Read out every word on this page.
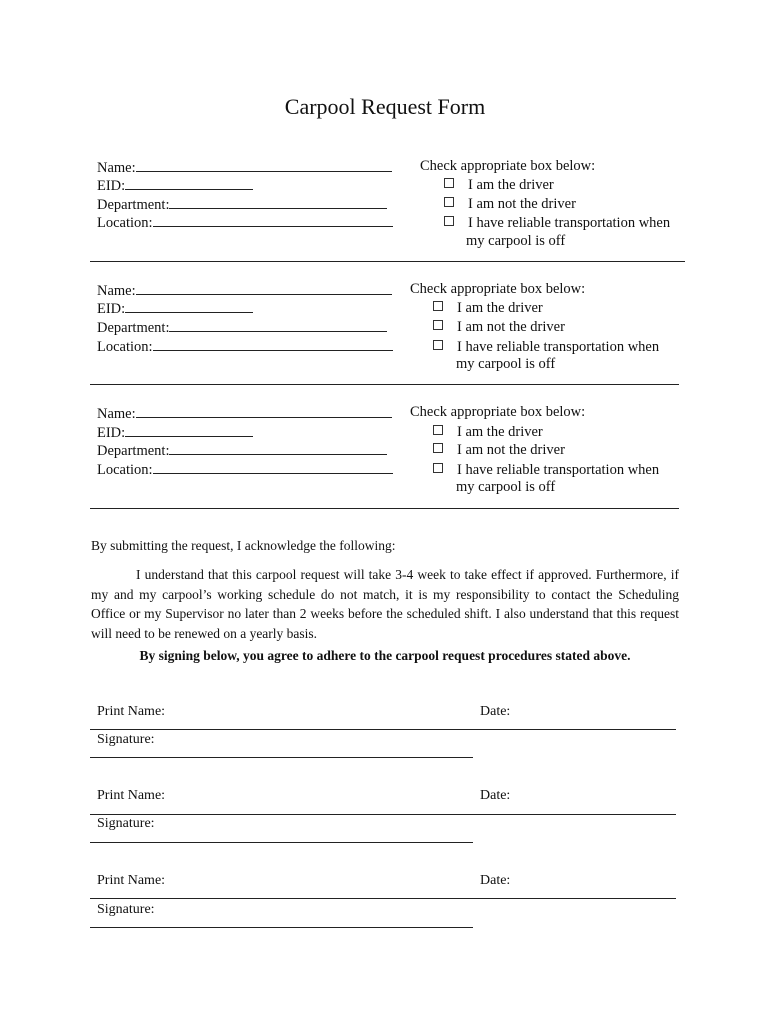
Carpool Request Form
Name:
EID:
Department:
Location:
Check appropriate box below:
I am the driver
I am not the driver
I have reliable transportation when
my carpool is off
Name:
EID:
Department:
Location:
Check appropriate box below:
I am the driver
I am not the driver
I have reliable transportation when
my carpool is off
Name:
EID:
Department:
Location:
Check appropriate box below:
I am the driver
I am not the driver
I have reliable transportation when
my carpool is off
By submitting the request, I acknowledge the following:

I understand that this carpool request will take 3-4 week to take effect if approved. Furthermore, if my and my carpool’s working schedule do not match, it is my responsibility to contact the Scheduling Office or my Supervisor no later than 2 weeks before the scheduled shift. I also understand that this request will need to be renewed on a yearly basis.

By signing below, you agree to adhere to the carpool request procedures stated above.
Print Name:	Date:
Signature:
Print Name:	Date:
Signature:
Print Name:	Date:
Signature:
